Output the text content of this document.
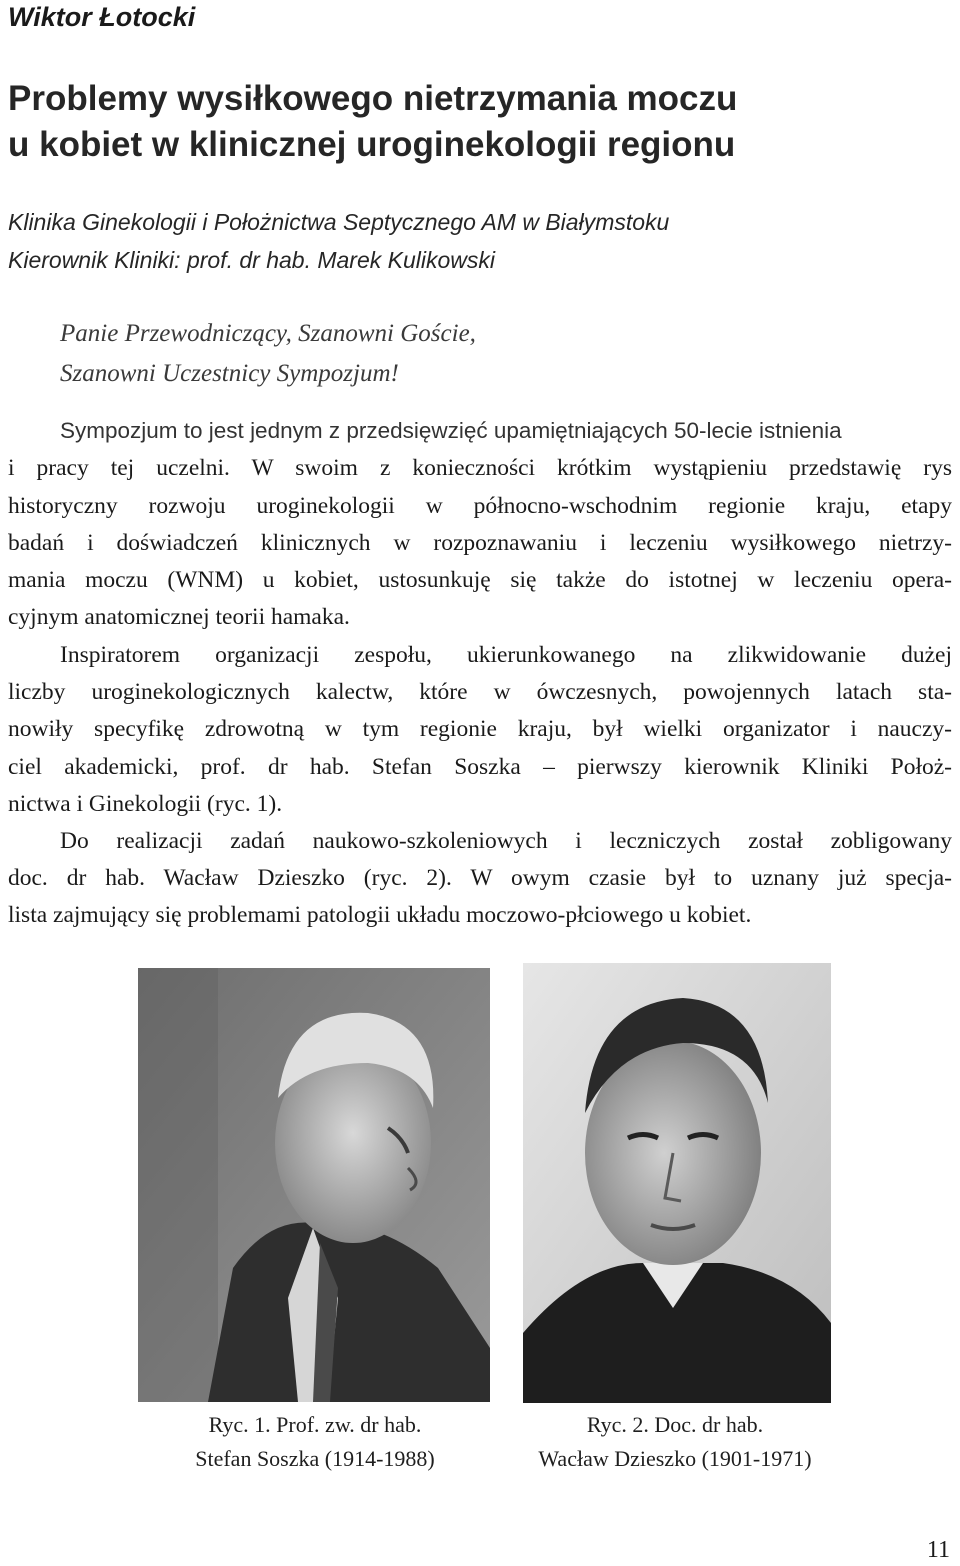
Wiktor Łotocki
Problemy wysiłkowego nietrzymania moczu
u kobiet w klinicznej uroginekologii regionu
Klinika Ginekologii i Położnictwa Septycznego AM w Białymstoku
Kierownik Kliniki: prof. dr hab. Marek Kulikowski
Panie Przewodniczący, Szanowni Goście,
Szanowni Uczestnicy Sympozjum!
Sympozjum to jest jednym z przedsięwzięć upamiętniających 50-lecie istnienia
i pracy tej uczelni. W swoim z konieczności krótkim wystąpieniu przedstawię rys
historyczny rozwoju uroginekologii w północno-wschodnim regionie kraju, etapy
badań i doświadczeń klinicznych w rozpoznawaniu i leczeniu wysiłkowego nietrzy-
mania moczu (WNM) u kobiet, ustosunkuję się także do istotnej w leczeniu opera-
cyjnym anatomicznej teorii hamaka.
Inspiratorem organizacji zespołu, ukierunkowanego na zlikwidowanie dużej
liczby uroginekologicznych kalectw, które w ówczesnych, powojennych latach sta-
nowiły specyfikę zdrowotną w tym regionie kraju, był wielki organizator i nauczy-
ciel akademicki, prof. dr hab. Stefan Soszka – pierwszy kierownik Kliniki Położ-
nictwa i Ginekologii (ryc. 1).
Do realizacji zadań naukowo-szkoleniowych i leczniczych został zobligowany
doc. dr hab. Wacław Dzieszko (ryc. 2). W owym czasie był to uznany już specja-
lista zajmujący się problemami patologii układu moczowo-płciowego u kobiet.
Ryc. 1. Prof. zw. dr hab.
Stefan Soszka (1914-1988)
Ryc. 2. Doc. dr hab.
Wacław Dzieszko (1901-1971)
11
